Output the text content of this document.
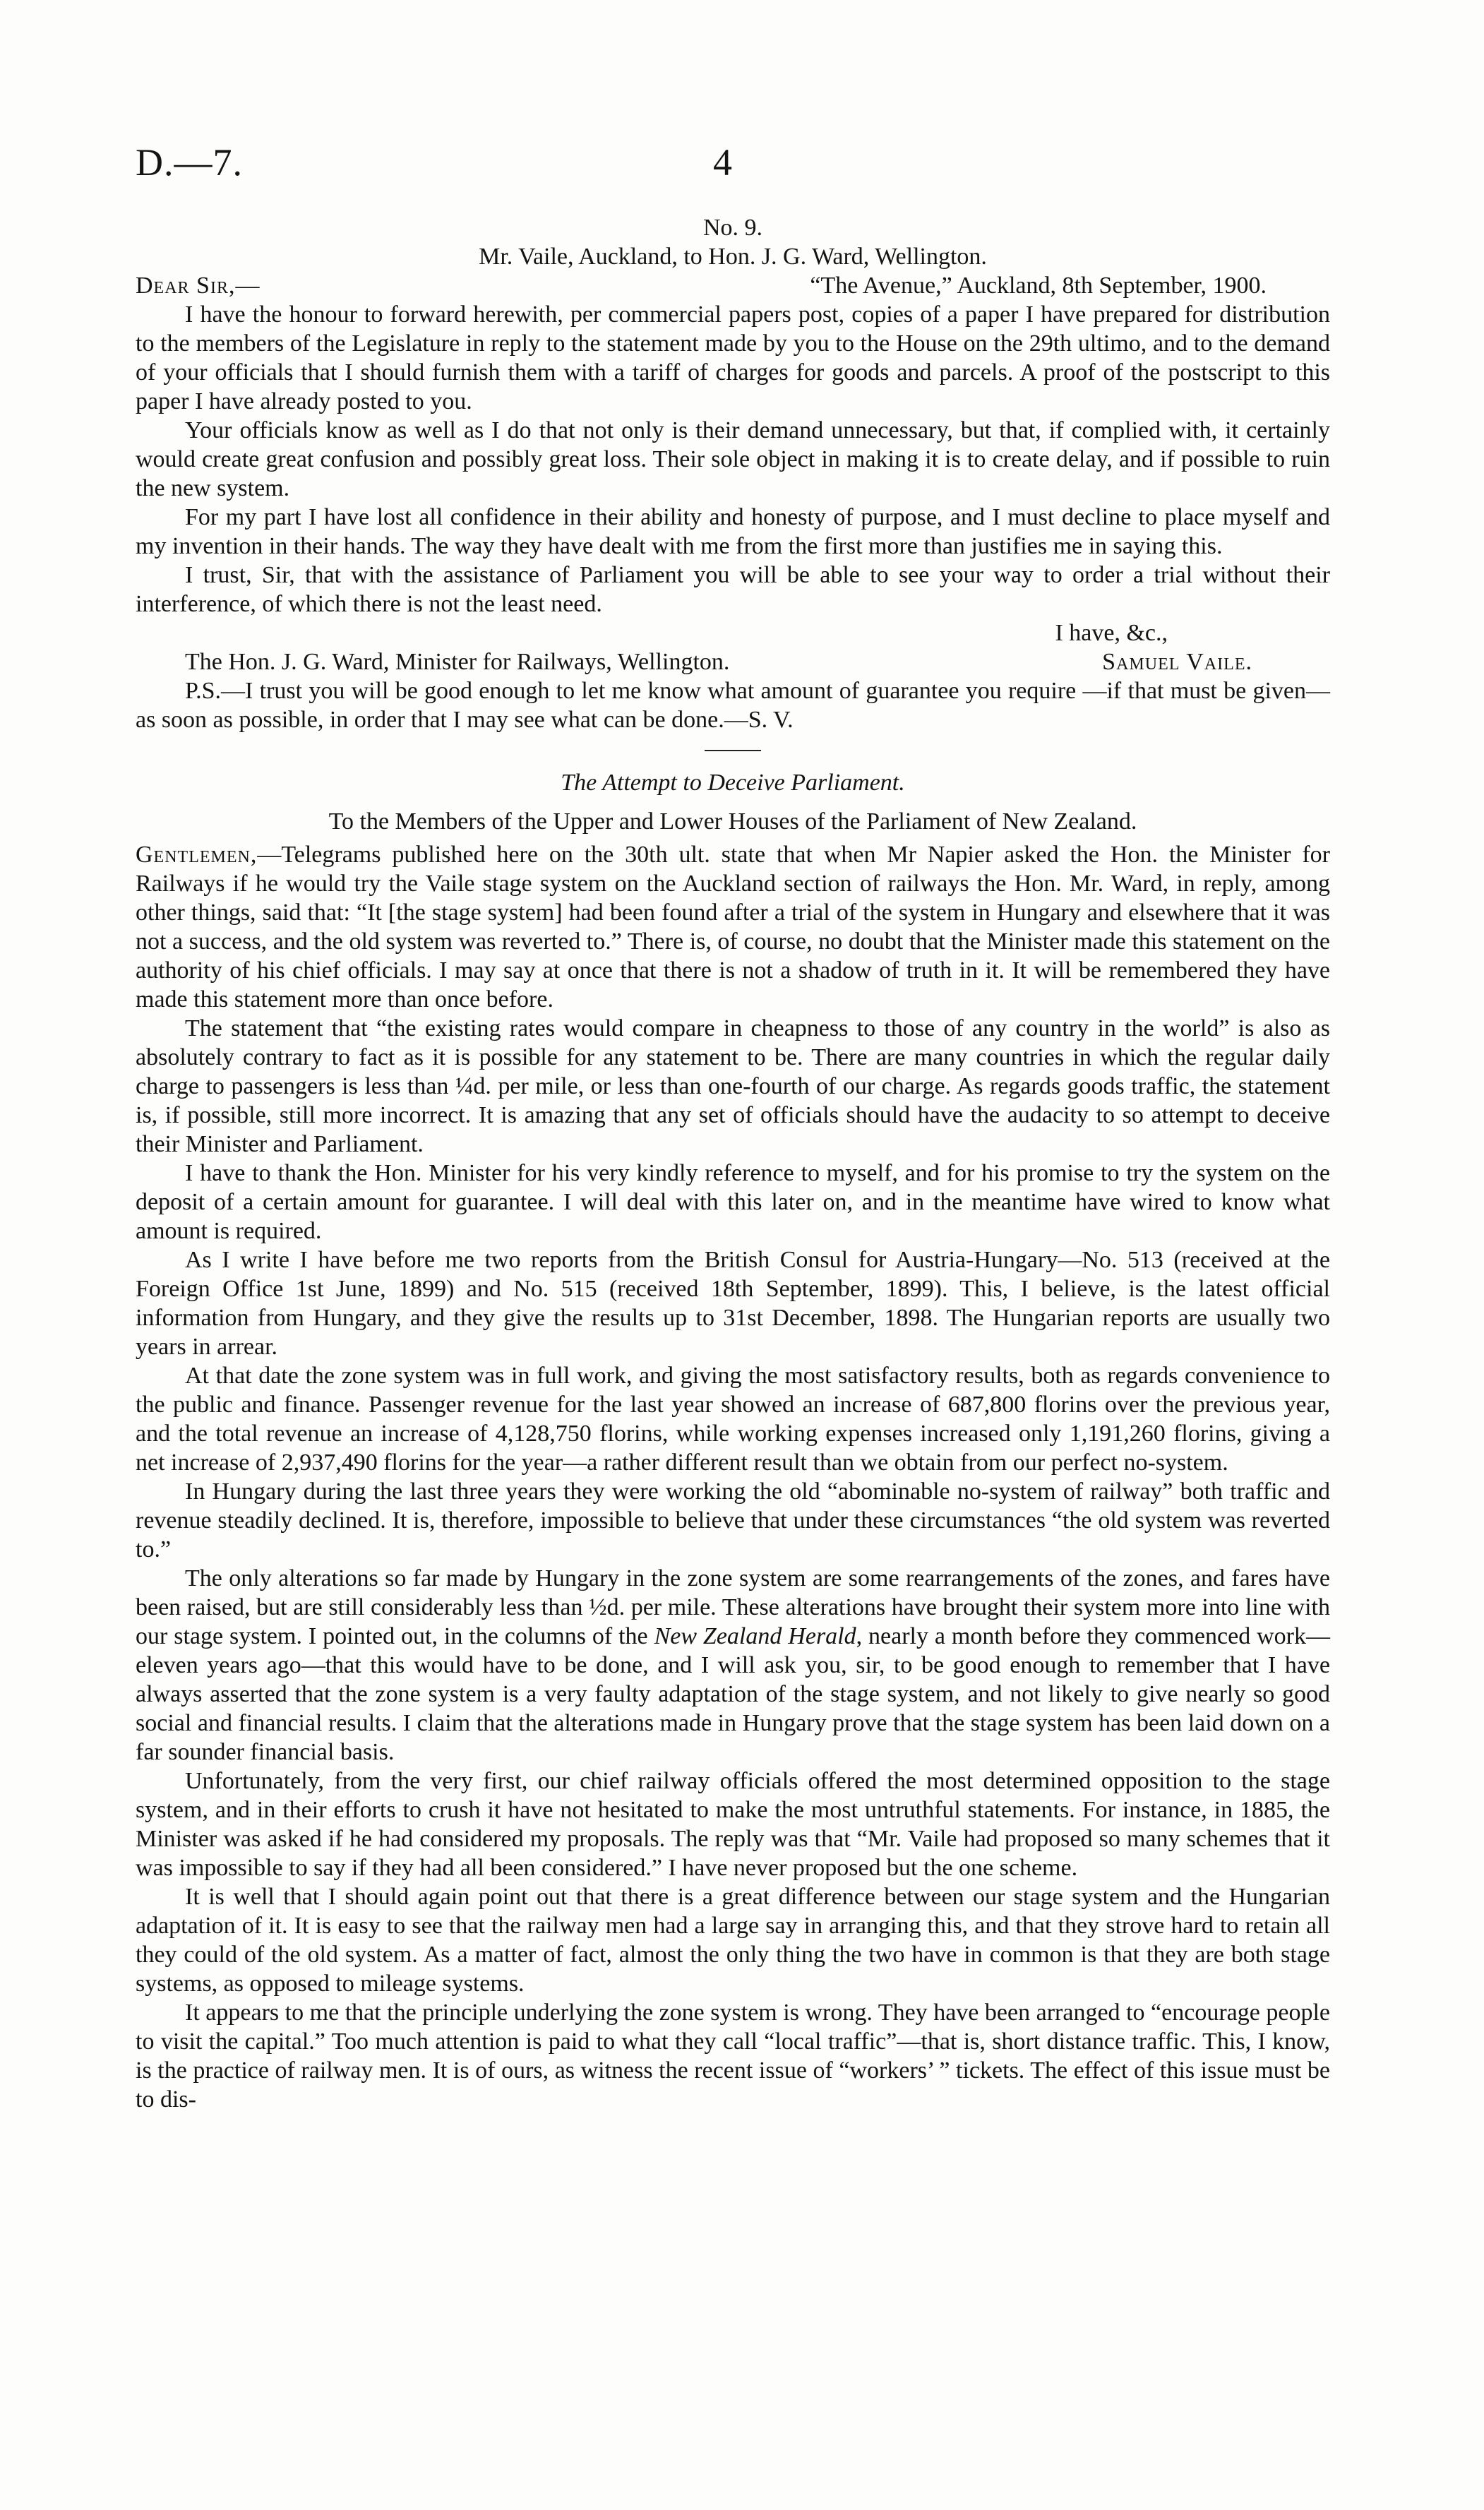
D.—7.	4
No. 9.
Mr. Vaile, Auckland, to Hon. J. G. Ward, Wellington.
Dear Sir,—	“The Avenue,” Auckland, 8th September, 1900.

I have the honour to forward herewith, per commercial papers post, copies of a paper I have prepared for distribution to the members of the Legislature in reply to the statement made by you to the House on the 29th ultimo, and to the demand of your officials that I should furnish them with a tariff of charges for goods and parcels. A proof of the postscript to this paper I have already posted to you.

Your officials know as well as I do that not only is their demand unnecessary, but that, if complied with, it certainly would create great confusion and possibly great loss. Their sole object in making it is to create delay, and if possible to ruin the new system.

For my part I have lost all confidence in their ability and honesty of purpose, and I must decline to place myself and my invention in their hands. The way they have dealt with me from the first more than justifies me in saying this.

I trust, Sir, that with the assistance of Parliament you will be able to see your way to order a trial without their interference, of which there is not the least need.

I have, &c.,
The Hon. J. G. Ward, Minister for Railways, Wellington.	Samuel Vaile.

P.S.—I trust you will be good enough to let me know what amount of guarantee you require —if that must be given—as soon as possible, in order that I may see what can be done.—S. V.

The Attempt to Deceive Parliament.
To the Members of the Upper and Lower Houses of the Parliament of New Zealand.

Gentlemen,—Telegrams published here on the 30th ult. state that when Mr Napier asked the Hon. the Minister for Railways if he would try the Vaile stage system on the Auckland section of railways the Hon. Mr. Ward, in reply, among other things, said that: “It [the stage system] had been found after a trial of the system in Hungary and elsewhere that it was not a success, and the old system was reverted to.” There is, of course, no doubt that the Minister made this statement on the authority of his chief officials. I may say at once that there is not a shadow of truth in it. It will be remembered they have made this statement more than once before.

The statement that “the existing rates would compare in cheapness to those of any country in the world” is also as absolutely contrary to fact as it is possible for any statement to be. There are many countries in which the regular daily charge to passengers is less than ¼d. per mile, or less than one-fourth of our charge. As regards goods traffic, the statement is, if possible, still more incorrect. It is amazing that any set of officials should have the audacity to so attempt to deceive their Minister and Parliament.

I have to thank the Hon. Minister for his very kindly reference to myself, and for his promise to try the system on the deposit of a certain amount for guarantee. I will deal with this later on, and in the meantime have wired to know what amount is required.

As I write I have before me two reports from the British Consul for Austria-Hungary—No. 513 (received at the Foreign Office 1st June, 1899) and No. 515 (received 18th September, 1899). This, I believe, is the latest official information from Hungary, and they give the results up to 31st December, 1898. The Hungarian reports are usually two years in arrear.

At that date the zone system was in full work, and giving the most satisfactory results, both as regards convenience to the public and finance. Passenger revenue for the last year showed an increase of 687,800 florins over the previous year, and the total revenue an increase of 4,128,750 florins, while working expenses increased only 1,191,260 florins, giving a net increase of 2,937,490 florins for the year—a rather different result than we obtain from our perfect no-system.

In Hungary during the last three years they were working the old “abominable no-system of railway” both traffic and revenue steadily declined. It is, therefore, impossible to believe that under these circumstances “the old system was reverted to.”

The only alterations so far made by Hungary in the zone system are some rearrangements of the zones, and fares have been raised, but are still considerably less than ½d. per mile. These alterations have brought their system more into line with our stage system. I pointed out, in the columns of the New Zealand Herald, nearly a month before they commenced work—eleven years ago—that this would have to be done, and I will ask you, sir, to be good enough to remember that I have always asserted that the zone system is a very faulty adaptation of the stage system, and not likely to give nearly so good social and financial results. I claim that the alterations made in Hungary prove that the stage system has been laid down on a far sounder financial basis.

Unfortunately, from the very first, our chief railway officials offered the most determined opposition to the stage system, and in their efforts to crush it have not hesitated to make the most untruthful statements. For instance, in 1885, the Minister was asked if he had considered my proposals. The reply was that “Mr. Vaile had proposed so many schemes that it was impossible to say if they had all been considered.” I have never proposed but the one scheme.

It is well that I should again point out that there is a great difference between our stage system and the Hungarian adaptation of it. It is easy to see that the railway men had a large say in arranging this, and that they strove hard to retain all they could of the old system. As a matter of fact, almost the only thing the two have in common is that they are both stage systems, as opposed to mileage systems.

It appears to me that the principle underlying the zone system is wrong. They have been arranged to “encourage people to visit the capital.” Too much attention is paid to what they call “local traffic”—that is, short distance traffic. This, I know, is the practice of railway men. It is of ours, as witness the recent issue of “workers’ ” tickets. The effect of this issue must be to dis-
